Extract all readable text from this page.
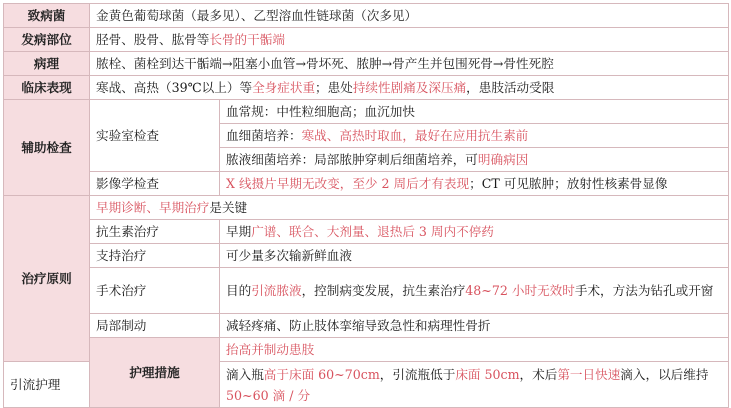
致病菌	金黄色葡萄球菌（最多见）、乙型溶血性链球菌（次多见）		
发病部位	胫骨、股骨、肱骨等长骨的干骺端		
病理	脓栓、菌栓到达干骺端→阻塞小血管→骨坏死、脓肿→骨产生并包围死骨→骨性死腔		
临床表现	寒战、高热（39℃以上）等全身症状重；患处持续性剧痛及深压痛，患肢活动受限		
辅助检查	实验室检查	血常规：中性粒细胞高；血沉加快	
		血细菌培养：寒战、高热时取血，最好在应用抗生素前	
		脓液细菌培养：局部脓肿穿刺后细菌培养，可明确病因	
	影像学检查	X 线摄片早期无改变，至少 2 周后才有表现；CT 可见脓肿；放射性核素骨显像	
治疗原则	早期诊断、早期治疗是关键		
	抗生素治疗	早期广谱、联合、大剂量、退热后 3 周内不停药	
	支持治疗	可少量多次输新鲜血液	
	手术治疗	目的引流脓液，控制病变发展，抗生素治疗48~72 小时无效时手术，方法为钻孔或开窗	
	局部制动	减轻疼痛、防止肢体挛缩导致急性和病理性骨折	
	护理措施	抬高并制动患肢	
引流护理		滴入瓶高于床面 60~70cm，引流瓶低于床面 50cm，术后第一日快速滴入，以后维持50~60 滴 / 分	
